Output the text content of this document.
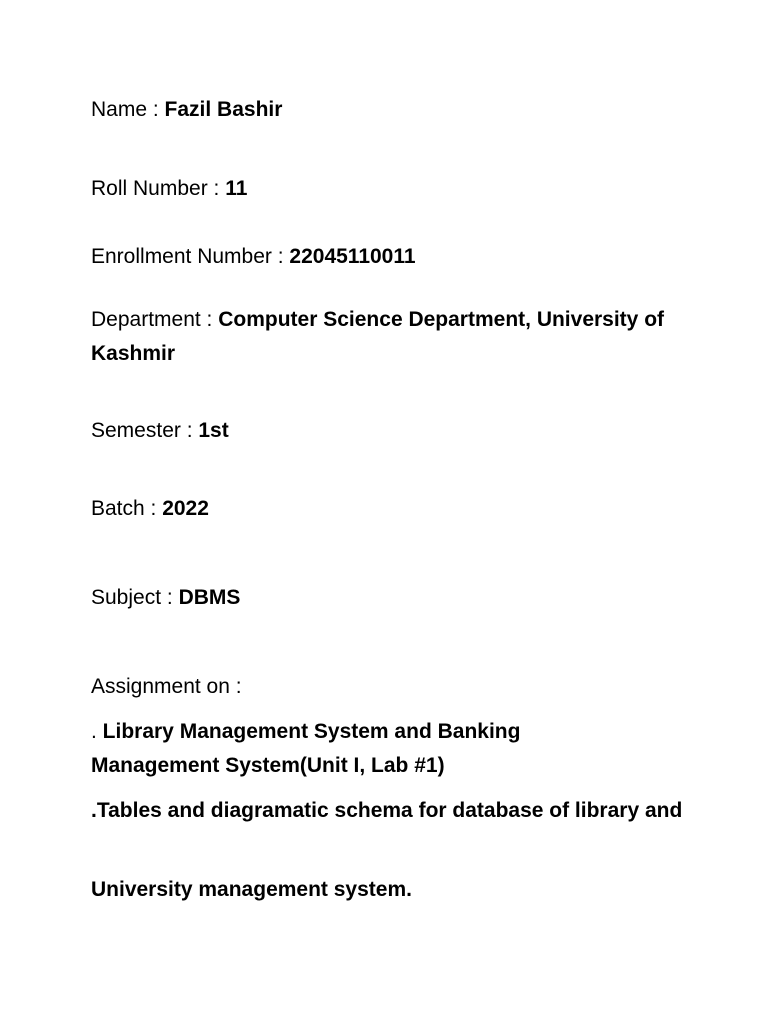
Name : Fazil Bashir
Roll Number : 11
Enrollment Number : 22045110011
Department : Computer Science Department, University of Kashmir
Semester : 1st
Batch : 2022
Subject : DBMS
Assignment on :
. Library Management System and Banking Management System(Unit I, Lab #1)
.Tables and diagramatic schema for database of library and
University management system.
